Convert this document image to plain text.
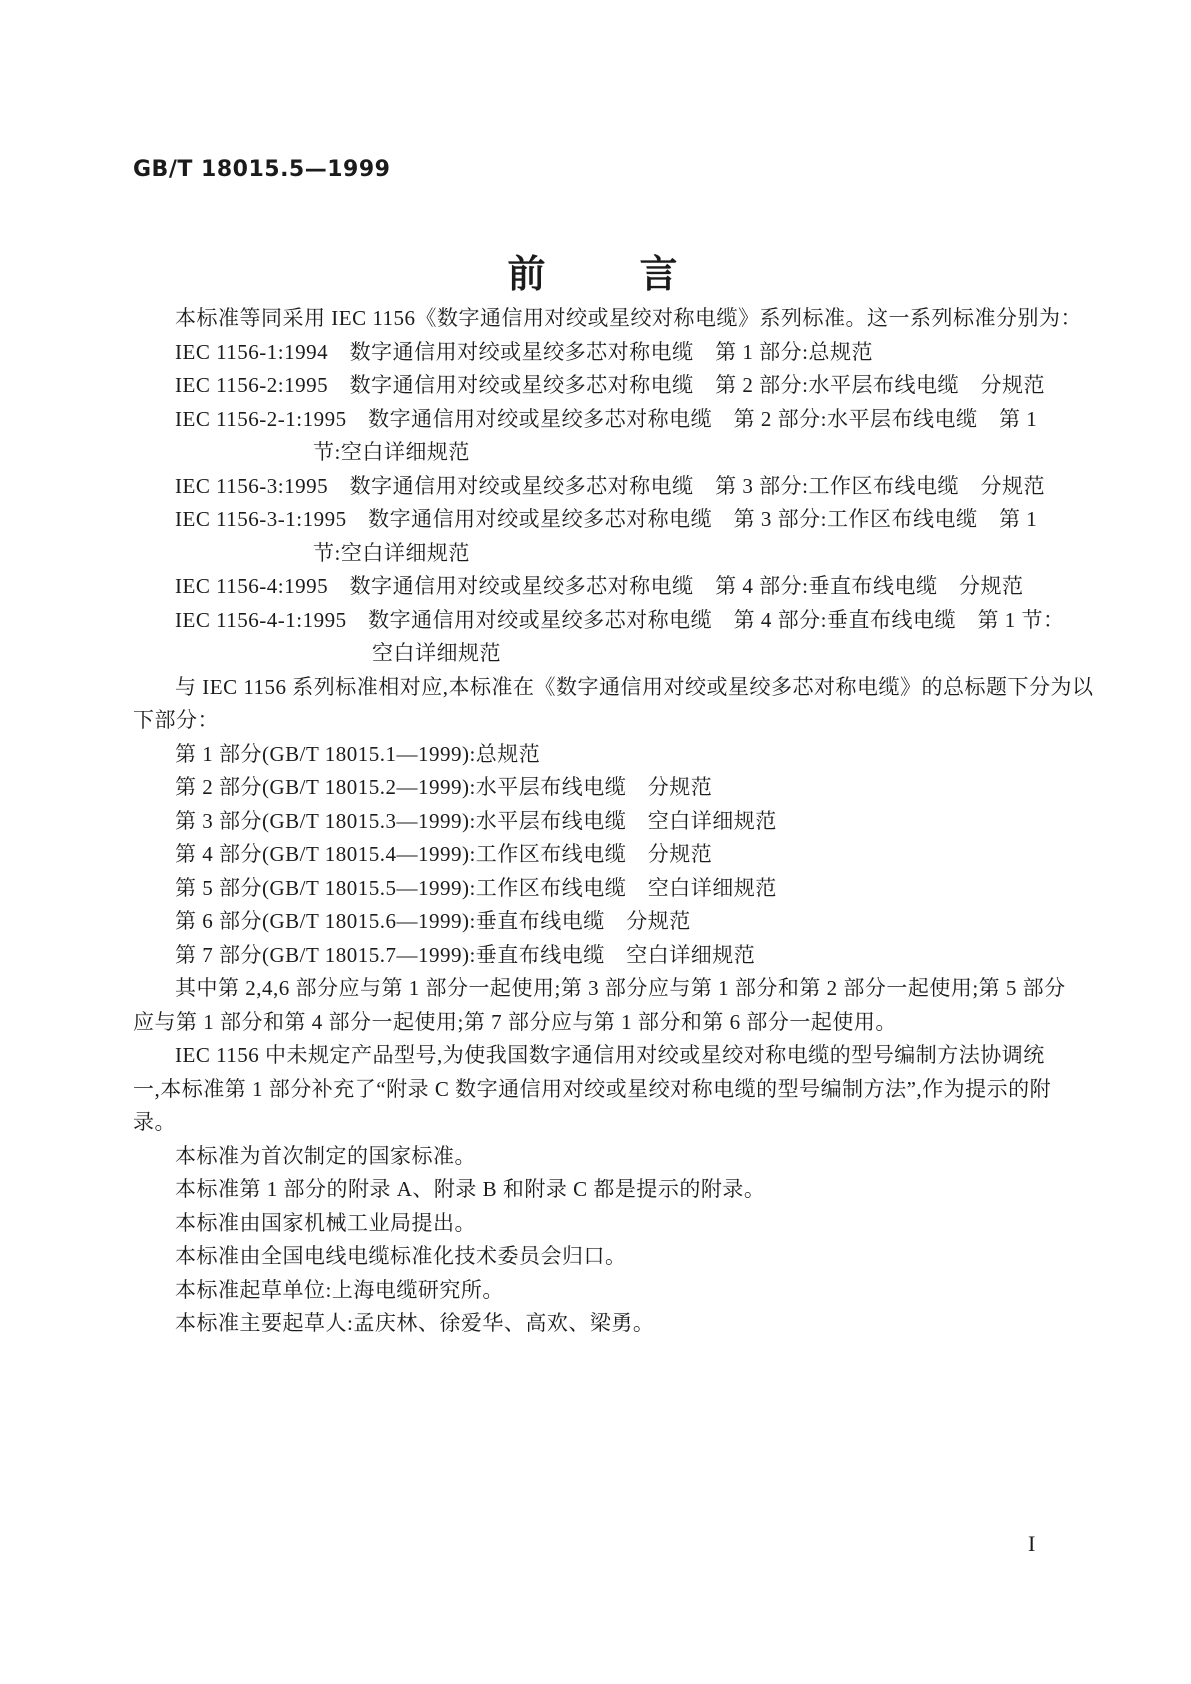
GB/T 18015.5—1999
前　　言
本标准等同采用 IEC 1156《数字通信用对绞或星绞对称电缆》系列标准。这一系列标准分别为：
IEC 1156-1:1994　数字通信用对绞或星绞多芯对称电缆　第 1 部分:总规范
IEC 1156-2:1995　数字通信用对绞或星绞多芯对称电缆　第 2 部分:水平层布线电缆　分规范
IEC 1156-2-1:1995　数字通信用对绞或星绞多芯对称电缆　第 2 部分:水平层布线电缆　第 1
节:空白详细规范
IEC 1156-3:1995　数字通信用对绞或星绞多芯对称电缆　第 3 部分:工作区布线电缆　分规范
IEC 1156-3-1:1995　数字通信用对绞或星绞多芯对称电缆　第 3 部分:工作区布线电缆　第 1
节:空白详细规范
IEC 1156-4:1995　数字通信用对绞或星绞多芯对称电缆　第 4 部分:垂直布线电缆　分规范
IEC 1156-4-1:1995　数字通信用对绞或星绞多芯对称电缆　第 4 部分:垂直布线电缆　第 1 节：
空白详细规范
与 IEC 1156 系列标准相对应,本标准在《数字通信用对绞或星绞多芯对称电缆》的总标题下分为以
下部分：
第 1 部分(GB/T 18015.1—1999):总规范
第 2 部分(GB/T 18015.2—1999):水平层布线电缆　分规范
第 3 部分(GB/T 18015.3—1999):水平层布线电缆　空白详细规范
第 4 部分(GB/T 18015.4—1999):工作区布线电缆　分规范
第 5 部分(GB/T 18015.5—1999):工作区布线电缆　空白详细规范
第 6 部分(GB/T 18015.6—1999):垂直布线电缆　分规范
第 7 部分(GB/T 18015.7—1999):垂直布线电缆　空白详细规范
其中第 2,4,6 部分应与第 1 部分一起使用;第 3 部分应与第 1 部分和第 2 部分一起使用;第 5 部分
应与第 1 部分和第 4 部分一起使用;第 7 部分应与第 1 部分和第 6 部分一起使用。
IEC 1156 中未规定产品型号,为使我国数字通信用对绞或星绞对称电缆的型号编制方法协调统
一,本标准第 1 部分补充了“附录 C 数字通信用对绞或星绞对称电缆的型号编制方法”,作为提示的附
录。
本标准为首次制定的国家标准。
本标准第 1 部分的附录 A、附录 B 和附录 C 都是提示的附录。
本标准由国家机械工业局提出。
本标准由全国电线电缆标准化技术委员会归口。
本标准起草单位:上海电缆研究所。
本标准主要起草人:孟庆林、徐爱华、高欢、梁勇。
I
